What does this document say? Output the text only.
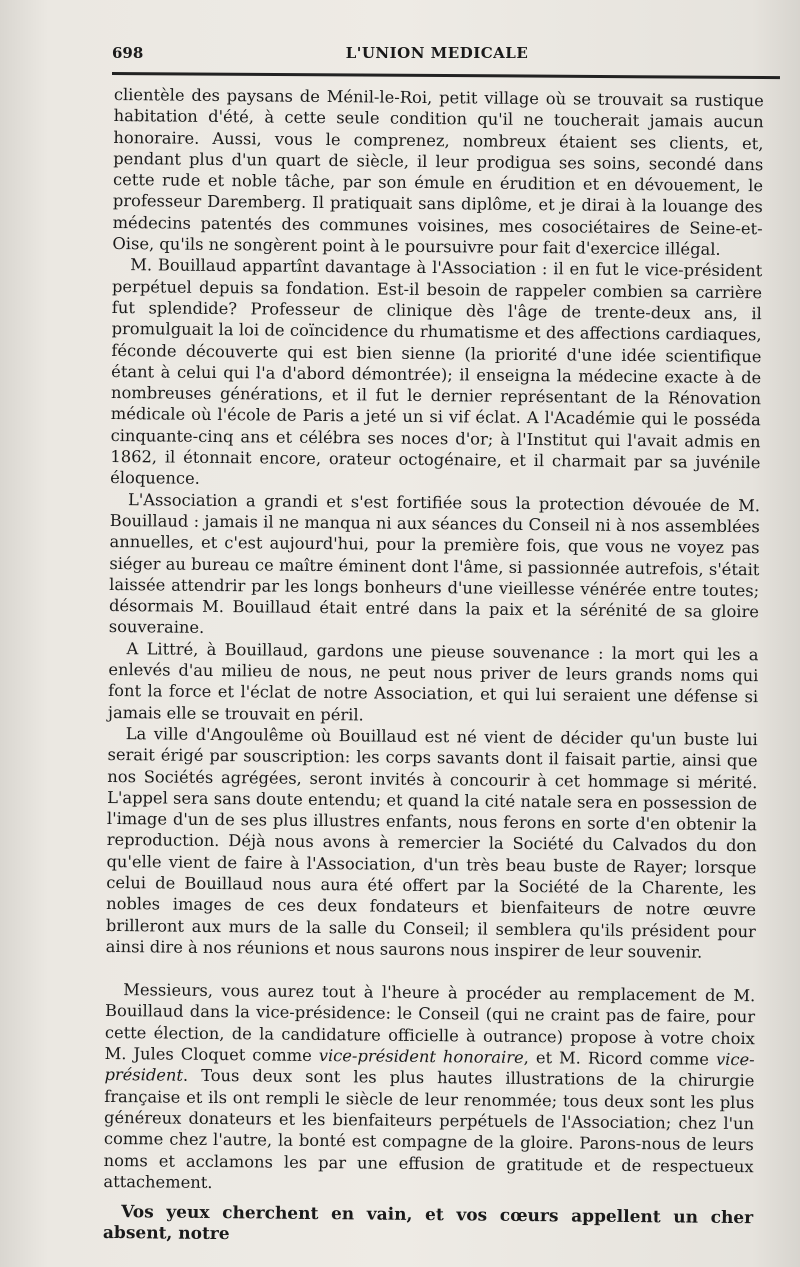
698	L'UNION MEDICALE

clientèle des paysans de Ménil-le-Roi, petit village où se trouvait sa rustique habitation d'été, à cette seule condition qu'il ne toucherait jamais aucun honoraire. Aussi, vous le comprenez, nombreux étaient ses clients, et, pendant plus d'un quart de siècle, il leur prodigua ses soins, secondé dans cette rude et noble tâche, par son émule en érudition et en dévouement, le professeur Daremberg. Il pratiquait sans diplôme, et je dirai à la louange des médecins patentés des communes voisines, mes cosociétaires de Seine-et-Oise, qu'ils ne songèrent point à le poursuivre pour fait d'exercice illégal.

M. Bouillaud appartînt davantage à l'Association : il en fut le vice-président perpétuel depuis sa fondation. Est-il besoin de rappeler combien sa carrière fut splendide? Professeur de clinique dès l'âge de trente-deux ans, il promulguait la loi de coïncidence du rhumatisme et des affections cardiaques, féconde découverte qui est bien sienne (la priorité d'une idée scientifique étant à celui qui l'a d'abord démontrée); il enseigna la médecine exacte à de nombreuses générations, et il fut le dernier représentant de la Rénovation médicale où l'école de Paris a jeté un si vif éclat. A l'Académie qui le posséda cinquante-cinq ans et célébra ses noces d'or; à l'Institut qui l'avait admis en 1862, il étonnait encore, orateur octogénaire, et il charmait par sa juvénile éloquence.

L'Association a grandi et s'est fortifiée sous la protection dévouée de M. Bouillaud : jamais il ne manqua ni aux séances du Conseil ni à nos assemblées annuelles, et c'est aujourd'hui, pour la première fois, que vous ne voyez pas siéger au bureau ce maître éminent dont l'âme, si passionnée autrefois, s'était laissée attendrir par les longs bonheurs d'une vieillesse vénérée entre toutes; désormais M. Bouillaud était entré dans la paix et la sérénité de sa gloire souveraine.

A Littré, à Bouillaud, gardons une pieuse souvenance : la mort qui les a enlevés d'au milieu de nous, ne peut nous priver de leurs grands noms qui font la force et l'éclat de notre Association, et qui lui seraient une défense si jamais elle se trouvait en péril.

La ville d'Angoulême où Bouillaud est né vient de décider qu'un buste lui serait érigé par souscription: les corps savants dont il faisait partie, ainsi que nos Sociétés agrégées, seront invités à concourir à cet hommage si mérité. L'appel sera sans doute entendu; et quand la cité natale sera en possession de l'image d'un de ses plus illustres enfants, nous ferons en sorte d'en obtenir la reproduction. Déjà nous avons à remercier la Société du Calvados du don qu'elle vient de faire à l'Association, d'un très beau buste de Rayer; lorsque celui de Bouillaud nous aura été offert par la Société de la Charente, les nobles images de ces deux fondateurs et bienfaiteurs de notre œuvre brilleront aux murs de la salle du Conseil; il semblera qu'ils président pour ainsi dire à nos réunions et nous saurons nous inspirer de leur souvenir.

Messieurs, vous aurez tout à l'heure à procéder au remplacement de M. Bouillaud dans la vice-présidence: le Conseil (qui ne craint pas de faire, pour cette élection, de la candidature officielle à outrance) propose à votre choix M. Jules Cloquet comme vice-président honoraire, et M. Ricord comme vice-président. Tous deux sont les plus hautes illustrations de la chirurgie française et ils ont rempli le siècle de leur renommée; tous deux sont les plus généreux donateurs et les bienfaiteurs perpétuels de l'Association; chez l'un comme chez l'autre, la bonté est compagne de la gloire. Parons-nous de leurs noms et acclamons les par une effusion de gratitude et de respectueux attachement.

Vos yeux cherchent en vain, et vos cœurs appellent un cher absent, notre
